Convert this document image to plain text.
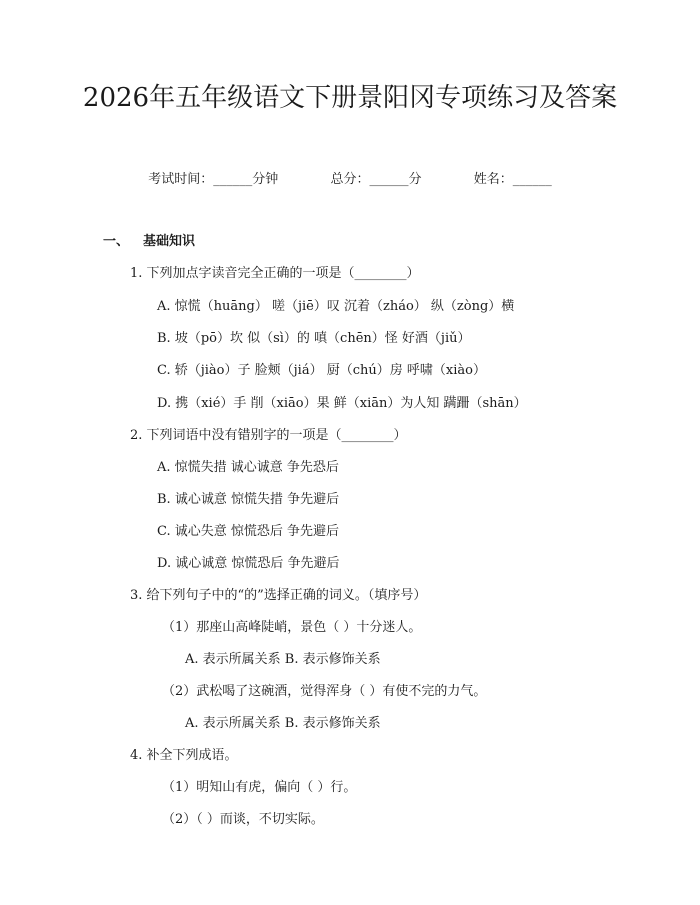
2026年五年级语文下册景阳冈专项练习及答案
考试时间：______分钟	总分：______分	姓名：______
一、 基础知识
1. 下列加点字读音完全正确的一项是（________）
A. 惊慌（huāng） 嗟（jiē）叹 沉着（zháo） 纵（zòng）横
B. 坡（pō）坎 似（sì）的 嗔（chēn）怪 好酒（jiǔ）
C. 轿（jiào）子 脸颊（jiá） 厨（chú）房 呼啸（xiào）
D. 携（xié）手 削（xiāo）果 鲜（xiān）为人知 蹒跚（shān）
2. 下列词语中没有错别字的一项是（________）
A. 惊慌失措 诚心诚意 争先恐后
B. 诚心诚意 惊慌失措 争先避后
C. 诚心失意 惊慌恐后 争先避后
D. 诚心诚意 惊慌恐后 争先避后
3. 给下列句子中的“的”选择正确的词义。（填序号）
（1）那座山高峰陡峭，景色（ ）十分迷人。
A. 表示所属关系 B. 表示修饰关系
（2）武松喝了这碗酒，觉得浑身（ ）有使不完的力气。
A. 表示所属关系 B. 表示修饰关系
4. 补全下列成语。
（1）明知山有虎，偏向（ ）行。
（2）（ ）而谈，不切实际。
